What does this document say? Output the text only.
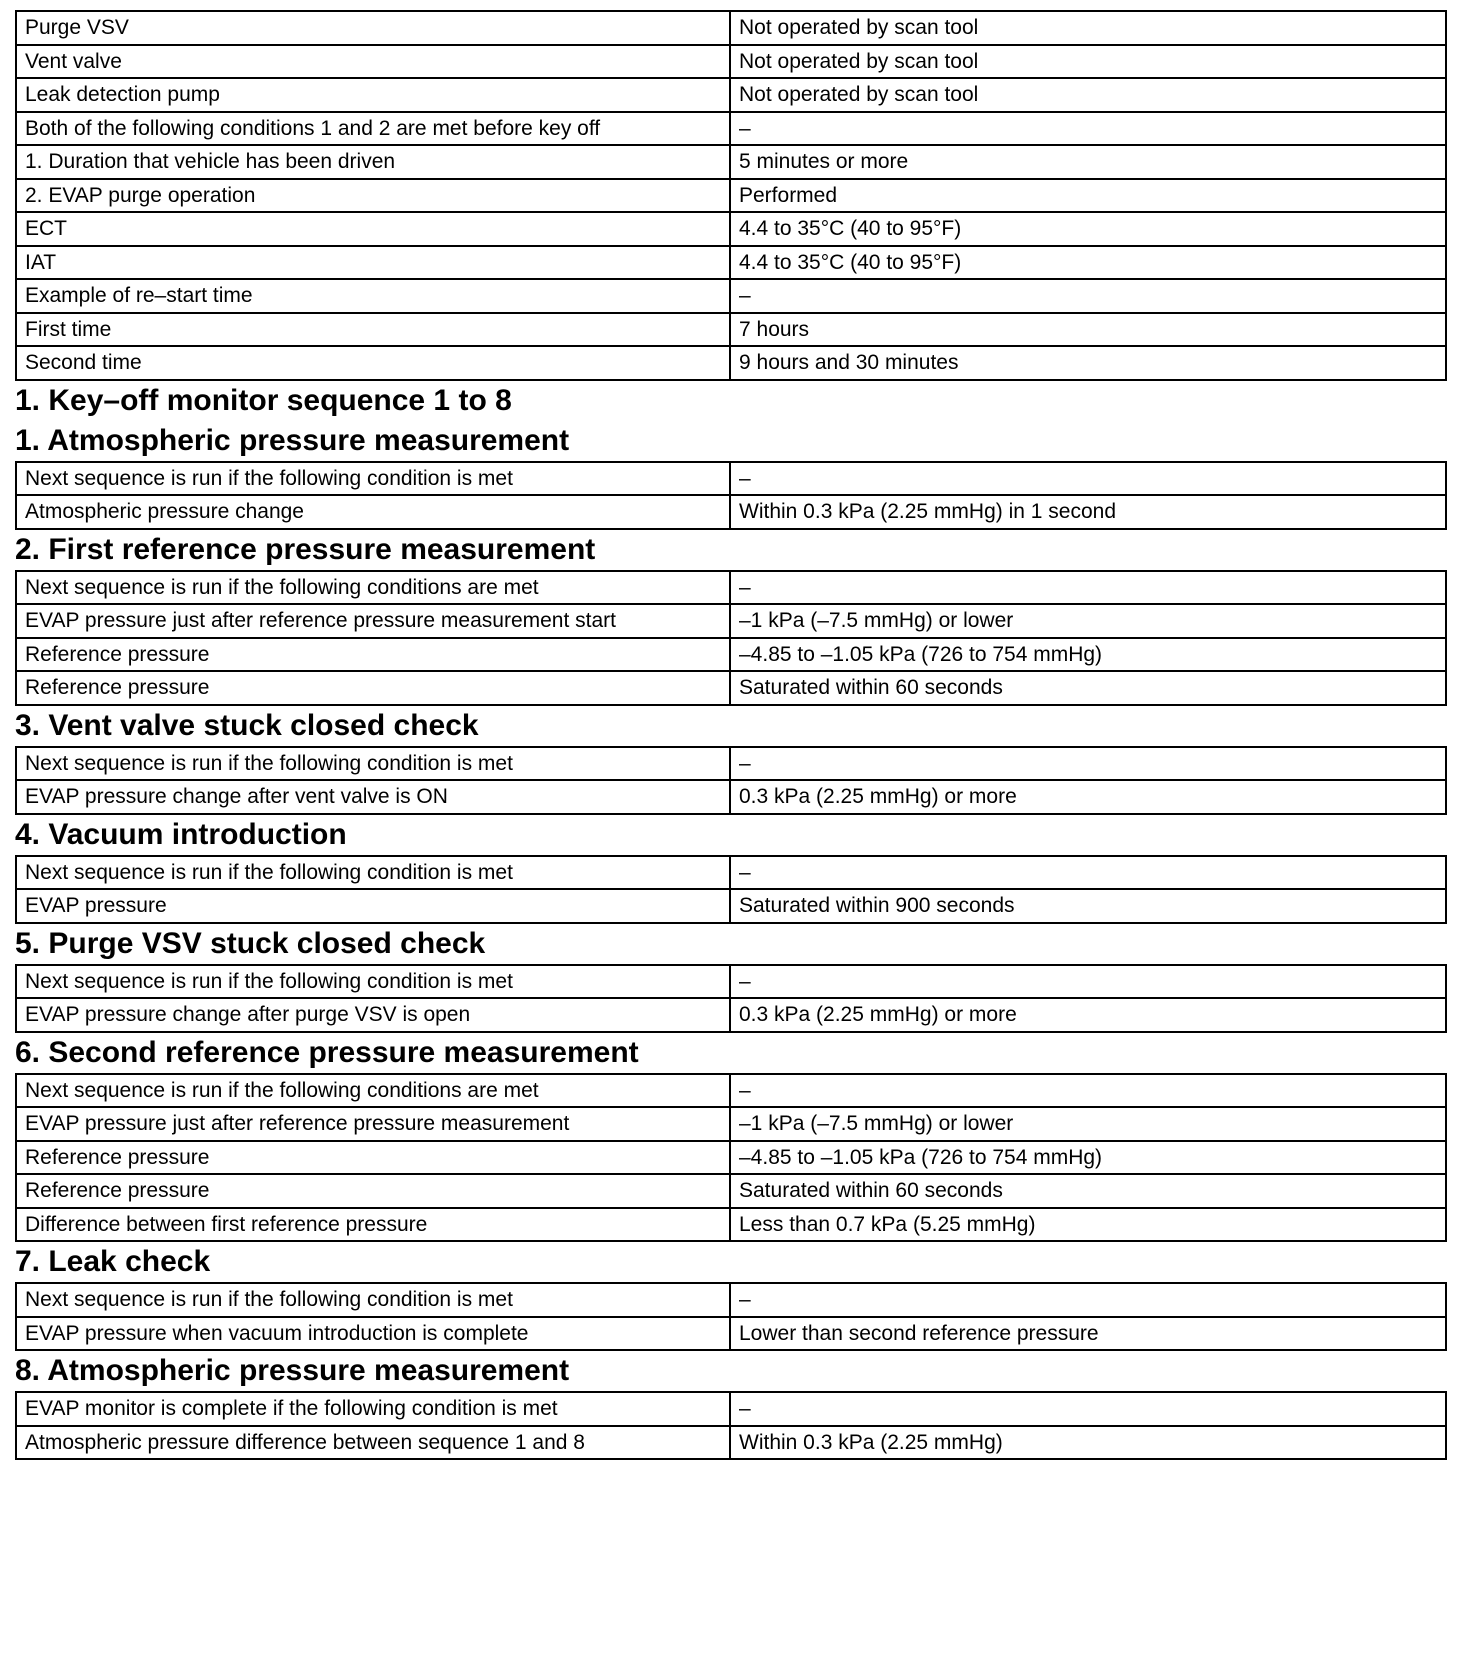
Purge VSV	Not operated by scan tool
Vent valve	Not operated by scan tool
Leak detection pump	Not operated by scan tool
Both of the following conditions 1 and 2 are met before key off	–
1. Duration that vehicle has been driven	5 minutes or more
2. EVAP purge operation	Performed
ECT	4.4 to 35°C (40 to 95°F)
IAT	4.4 to 35°C (40 to 95°F)
Example of re–start time	–
First time	7 hours
Second time	9 hours and 30 minutes
1. Key–off monitor sequence 1 to 8
1. Atmospheric pressure measurement
Next sequence is run if the following condition is met	–
Atmospheric pressure change	Within 0.3 kPa (2.25 mmHg) in 1 second
2. First reference pressure measurement
Next sequence is run if the following conditions are met	–
EVAP pressure just after reference pressure measurement start	–1 kPa (–7.5 mmHg) or lower
Reference pressure	–4.85 to –1.05 kPa (726 to 754 mmHg)
Reference pressure	Saturated within 60 seconds
3. Vent valve stuck closed check
Next sequence is run if the following condition is met	–
EVAP pressure change after vent valve is ON	0.3 kPa (2.25 mmHg) or more
4. Vacuum introduction
Next sequence is run if the following condition is met	–
EVAP pressure	Saturated within 900 seconds
5. Purge VSV stuck closed check
Next sequence is run if the following condition is met	–
EVAP pressure change after purge VSV is open	0.3 kPa (2.25 mmHg) or more
6. Second reference pressure measurement
Next sequence is run if the following conditions are met	–
EVAP pressure just after reference pressure measurement	–1 kPa (–7.5 mmHg) or lower
Reference pressure	–4.85 to –1.05 kPa (726 to 754 mmHg)
Reference pressure	Saturated within 60 seconds
Difference between first reference pressure	Less than 0.7 kPa (5.25 mmHg)
7. Leak check
Next sequence is run if the following condition is met	–
EVAP pressure when vacuum introduction is complete	Lower than second reference pressure
8. Atmospheric pressure measurement
EVAP monitor is complete if the following condition is met	–
Atmospheric pressure difference between sequence 1 and 8	Within 0.3 kPa (2.25 mmHg)
